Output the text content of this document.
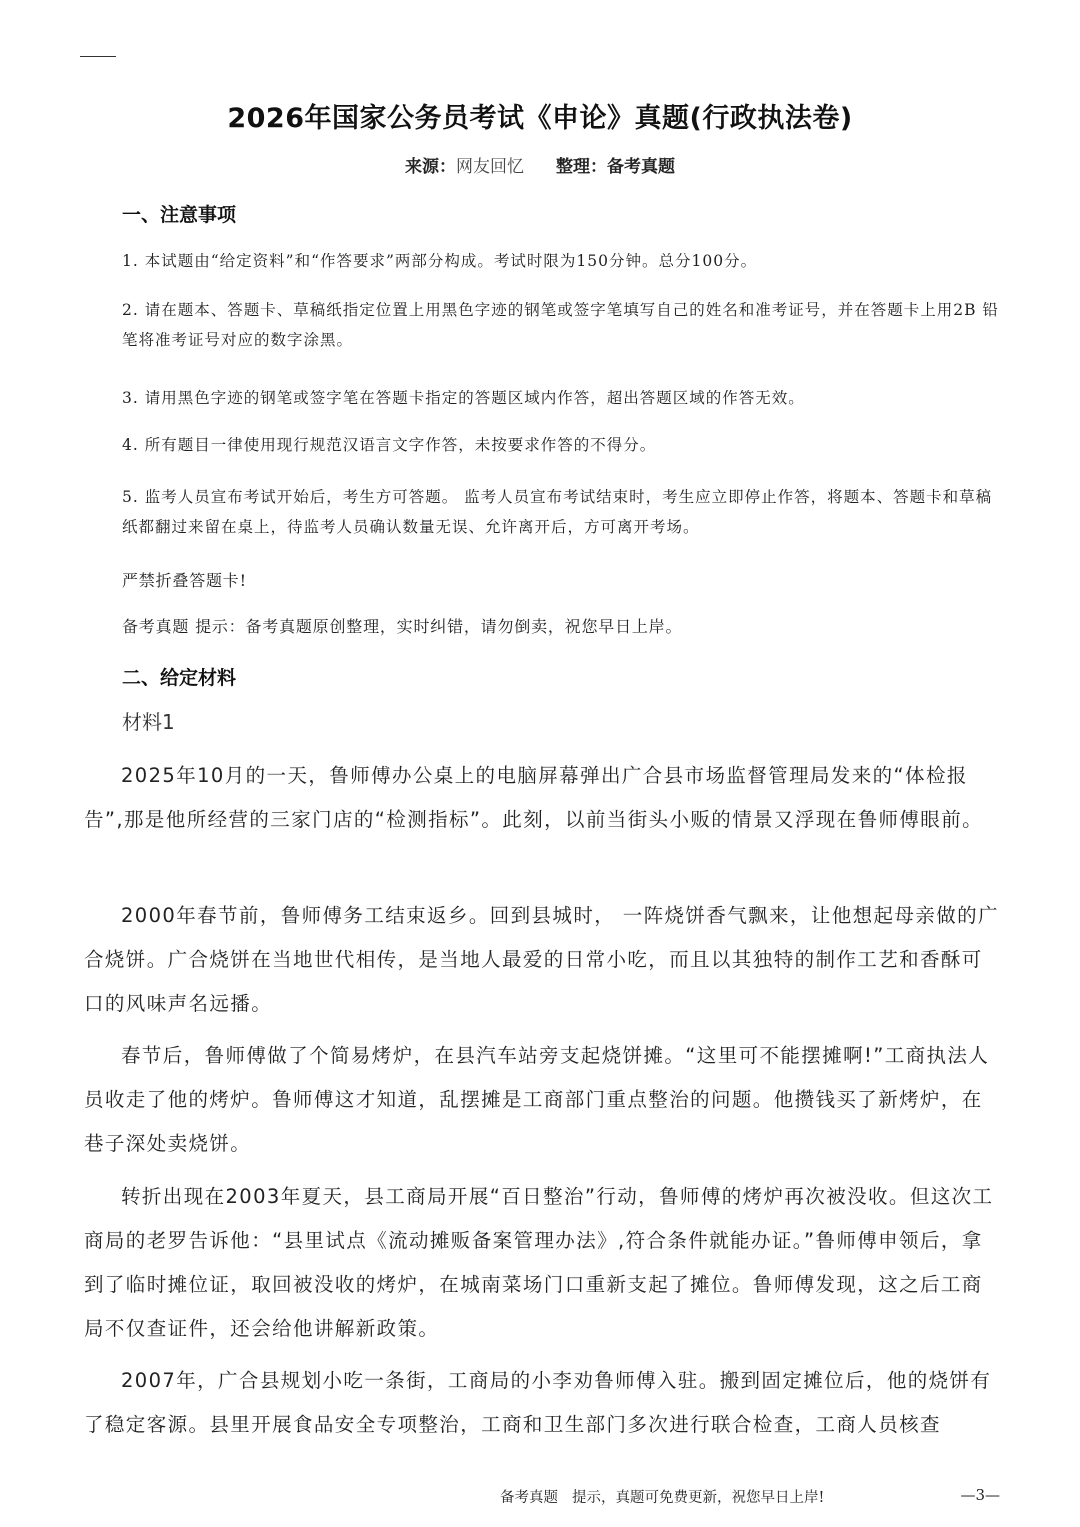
2026年国家公务员考试《申论》真题(行政执法卷)
来源：网友回忆 整理：备考真题
一、注意事项
1. 本试题由“给定资料”和“作答要求”两部分构成。考试时限为150分钟。总分100分。
2. 请在题本、答题卡、草稿纸指定位置上用黑色字迹的钢笔或签字笔填写自己的姓名和准考证号，并在答题卡上用2B 铅笔将准考证号对应的数字涂黑。
3. 请用黑色字迹的钢笔或签字笔在答题卡指定的答题区域内作答，超出答题区域的作答无效。
4. 所有题目一律使用现行规范汉语言文字作答，未按要求作答的不得分。
5. 监考人员宣布考试开始后，考生方可答题。 监考人员宣布考试结束时，考生应立即停止作答，将题本、答题卡和草稿纸都翻过来留在桌上，待监考人员确认数量无误、允许离开后，方可离开考场。
严禁折叠答题卡!
备考真题 提示：备考真题原创整理，实时纠错，请勿倒卖，祝您早日上岸。
二、给定材料
材料1
2025年10月的一天，鲁师傅办公桌上的电脑屏幕弹出广合县市场监督管理局发来的“体检报告”,那是他所经营的三家门店的“检测指标”。此刻，以前当街头小贩的情景又浮现在鲁师傅眼前。
2000年春节前，鲁师傅务工结束返乡。回到县城时， 一阵烧饼香气飘来，让他想起母亲做的广合烧饼。广合烧饼在当地世代相传，是当地人最爱的日常小吃，而且以其独特的制作工艺和香酥可口的风味声名远播。
春节后，鲁师傅做了个简易烤炉，在县汽车站旁支起烧饼摊。“这里可不能摆摊啊!”工商执法人员收走了他的烤炉。鲁师傅这才知道，乱摆摊是工商部门重点整治的问题。他攒钱买了新烤炉，在巷子深处卖烧饼。
转折出现在2003年夏天，县工商局开展“百日整治”行动，鲁师傅的烤炉再次被没收。但这次工商局的老罗告诉他：“县里试点《流动摊贩备案管理办法》,符合条件就能办证。”鲁师傅申领后，拿到了临时摊位证，取回被没收的烤炉，在城南菜场门口重新支起了摊位。鲁师傅发现，这之后工商局不仅查证件，还会给他讲解新政策。
2007年，广合县规划小吃一条街，工商局的小李劝鲁师傅入驻。搬到固定摊位后，他的烧饼有了稳定客源。县里开展食品安全专项整治，工商和卫生部门多次进行联合检查，工商人员核查
备考真题 提示，真题可免费更新，祝您早日上岸!	—3—
